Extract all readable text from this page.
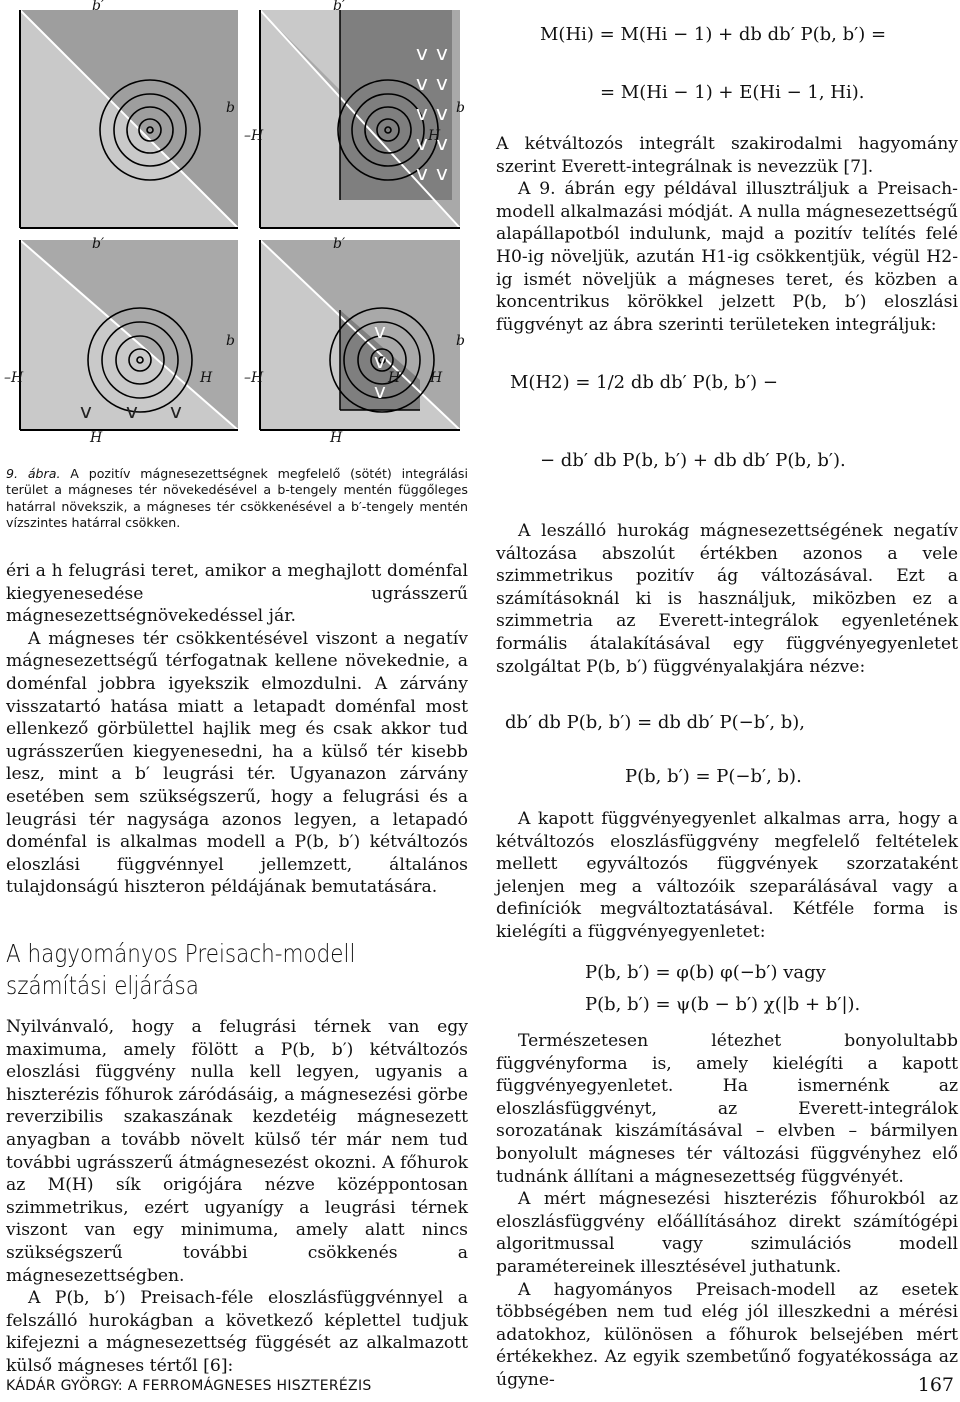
v v
v v
v v
v v
v v
v v v
v
v
v
b′	b′
b′	b′
b	b
b	b
–H	H
–H	H –H	H H
H	H
9. ábra. A pozitív mágnesezettségnek megfelelő (sötét) integrálási terület a mágneses tér növekedésével a b-tengely mentén függőleges határral növekszik, a mágneses tér csökkenésével a b′-tengely mentén vízszintes határral csökken.

éri a h felugrási teret, amikor a meghajlott doménfal kiegyenesedése ugrásszerű mágnesezettségnövekedéssel jár.

A mágneses tér csökkentésével viszont a negatív mágnesezettségű térfogatnak kellene növekednie, a doménfal jobbra igyekszik elmozdulni. A zárvány visszatartó hatása miatt a letapadt doménfal most ellenkező görbülettel hajlik meg és csak akkor tud ugrásszerűen kiegyenesedni, ha a külső tér kisebb lesz, mint a b′ leugrási tér. Ugyanazon zárvány esetében sem szükségszerű, hogy a felugrási és a leugrási tér nagysága azonos legyen, a letapadó doménfal is alkalmas modell a P(b, b′) kétváltozós eloszlási függvénnyel jellemzett, általános tulajdonságú hiszteron példájának bemutatására.

A hagyományos Preisach-modell számítási eljárása

Nyilvánvaló, hogy a felugrási térnek van egy maximuma, amely fölött a P(b, b′) kétváltozós eloszlási függvény nulla kell legyen, ugyanis a hiszterézis főhurok záródásáig, a mágnesezési görbe reverzibilis szakaszának kezdetéig mágnesezett anyagban a tovább növelt külső tér már nem tud további ugrásszerű átmágnesezést okozni. A főhurok az M(H) sík origójára nézve középpontosan szimmetrikus, ezért ugyanígy a leugrási térnek viszont van egy minimuma, amely alatt nincs szükségszerű további csökkenés a mágnesezettségben.

A P(b, b′) Preisach-féle eloszlásfüggvénnyel a felszálló hurokágban a következő képlettel tudjuk kifejezni a mágnesezettség függését az alkalmazott külső mágneses tértől [6]:

M(Hi) = M(Hi − 1) + db db′ P(b, b′) =
= M(Hi − 1) + E(Hi − 1, Hi).

A kétváltozós integrált szakirodalmi hagyomány szerint Everett-integrálnak is nevezzük [7].

A 9. ábrán egy példával illusztráljuk a Preisach-modell alkalmazási módját. A nulla mágnesezettségű alapállapotból indulunk, majd a pozitív telítés felé H0-ig növeljük, azután H1-ig csökkentjük, végül H2-ig ismét növeljük a mágneses teret, és közben a koncentrikus körökkel jelzett P(b, b′) eloszlási függvényt az ábra szerinti területeken integráljuk:

M(H2) = 1/2 db db′ P(b, b′) −
− db′ db P(b, b′) + db db′ P(b, b′).

A leszálló hurokág mágnesezettségének negatív változása abszolút értékben azonos a vele szimmetrikus pozitív ág változásával. Ezt a számításoknál ki is használjuk, miközben ez a szimmetria az Everett-integrálok egyenletének formális átalakításával egy függvényegyenletet szolgáltat P(b, b′) függvényalakjára nézve:

db′ db P(b, b′) = db db′ P(−b′, b),
P(b, b′) = P(−b′, b).

A kapott függvényegyenlet alkalmas arra, hogy a kétváltozós eloszlásfüggvény megfelelő feltételek mellett egyváltozós függvények szorzataként jelenjen meg a változóik szeparálásával vagy a definíciók megváltoztatásával. Kétféle forma is kielégíti a függvényegyenletet:

P(b, b′) = φ(b) φ(−b′) vagy
P(b, b′) = ψ(b − b′) χ(|b + b′|).

Természetesen létezhet bonyolultabb függvényforma is, amely kielégíti a kapott függvényegyenletet. Ha ismernénk az eloszlásfüggvényt, az Everett-integrálok sorozatának kiszámításával – elvben – bármilyen bonyolult mágneses tér változási függvényhez elő tudnánk állítani a mágnesezettség függvényét.

A mért mágnesezési hiszterézis főhurokból az eloszlásfüggvény előállításához direkt számítógépi algoritmussal vagy szimulációs modell paramétereinek illesztésével juthatunk.

A hagyományos Preisach-modell az esetek többségében nem tud elég jól illeszkedni a mérési adatokhoz, különösen a főhurok belsejében mért értékekhez. Az egyik szembetűnő fogyatékossága az úgyne-

KÁDÁR GYÖRGY: A FERROMÁGNESES HISZTERÉZIS	167
